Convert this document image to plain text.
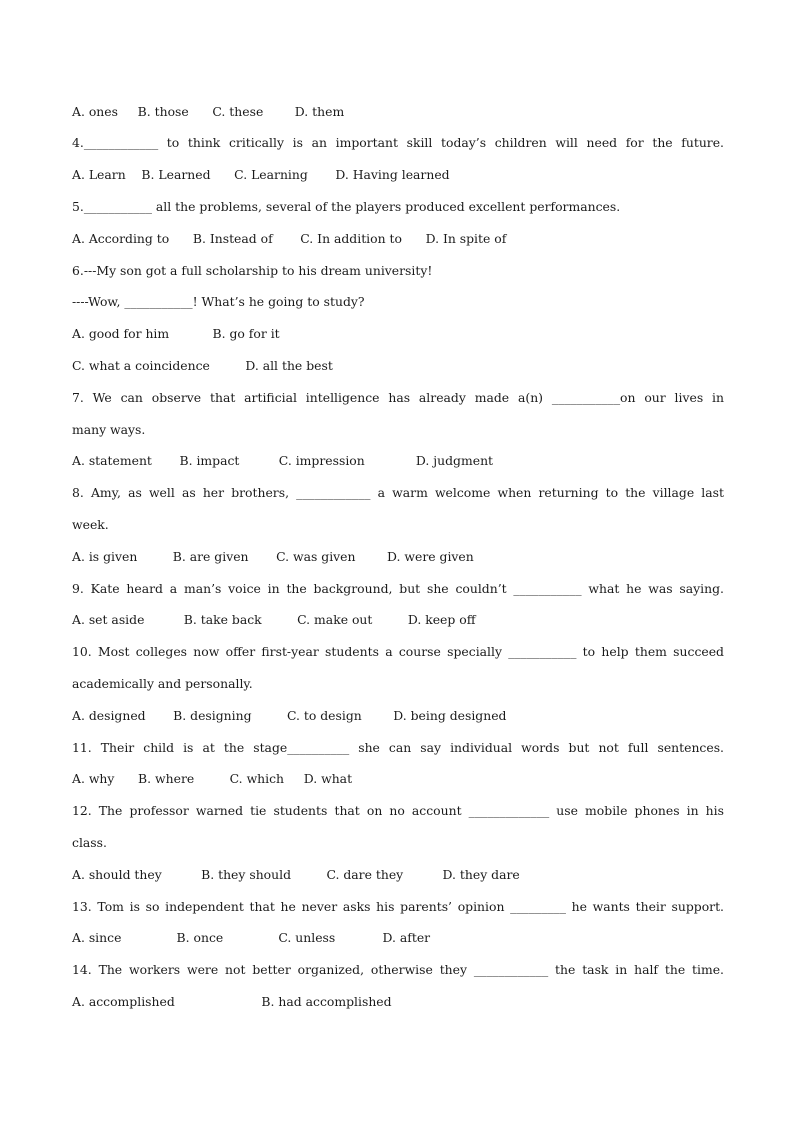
A. ones     B. those      C. these        D. them

4.____________ to think critically is an important skill today’s children will need for the future.

A. Learn    B. Learned      C. Learning       D. Having learned

5.___________ all the problems, several of the players produced excellent performances.

A. According to      B. Instead of       C. In addition to      D. In spite of

6.---My son got a full scholarship to his dream university!

----Wow, ___________! What’s he going to study?

A. good for him           B. go for it

C. what a coincidence         D. all the best

7. We can observe that artificial intelligence has already made a(n) ___________on our lives in

many ways.

A. statement       B. impact          C. impression             D. judgment

8. Amy, as well as her brothers, ____________ a warm welcome when returning to the village last

week.

A. is given         B. are given       C. was given        D. were given

9. Kate heard a man’s voice in the background, but she couldn’t ___________ what he was saying.

A. set aside          B. take back         C. make out         D. keep off

10. Most colleges now offer first-year students a course specially ___________ to help them succeed

academically and personally.

A. designed       B. designing         C. to design        D. being designed

11. Their child is at the stage__________ she can say individual words but not full sentences.

A. why      B. where         C. which     D. what

12. The professor warned tie students that on no account _____________ use mobile phones in his

class.

A. should they          B. they should         C. dare they          D. they dare

13. Tom is so independent that he never asks his parents’ opinion _________ he wants their support.

A. since              B. once              C. unless            D. after

14. The workers were not better organized, otherwise they ____________ the task in half the time.

A. accomplished                      B. had accomplished
